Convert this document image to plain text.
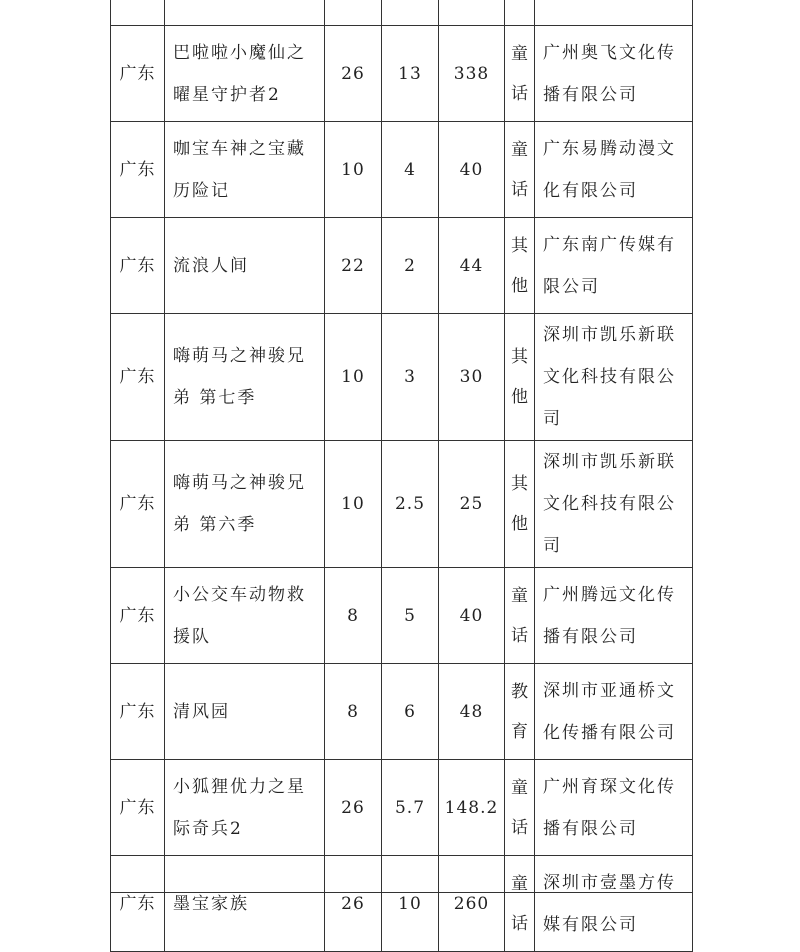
广东	巴啦啦小魔仙之曜星守护者2	26	13	338	童话	广州奥飞文化传播有限公司
广东	咖宝车神之宝藏历险记	10	4	40	童话	广东易腾动漫文化有限公司
广东	流浪人间	22	2	44	其他	广东南广传媒有限公司
广东	嗨萌马之神骏兄弟 第七季	10	3	30	其他	深圳市凯乐新联文化科技有限公司
广东	嗨萌马之神骏兄弟 第六季	10	2.5	25	其他	深圳市凯乐新联文化科技有限公司
广东	小公交车动物救援队	8	5	40	童话	广州腾远文化传播有限公司
广东	清风园	8	6	48	教育	深圳市亚通桥文化传播有限公司
广东	小狐狸优力之星际奇兵2	26	5.7	148.2	童话	广州育琛文化传播有限公司
广东	墨宝家族	26	10	260	童话	深圳市壹墨方传媒有限公司
